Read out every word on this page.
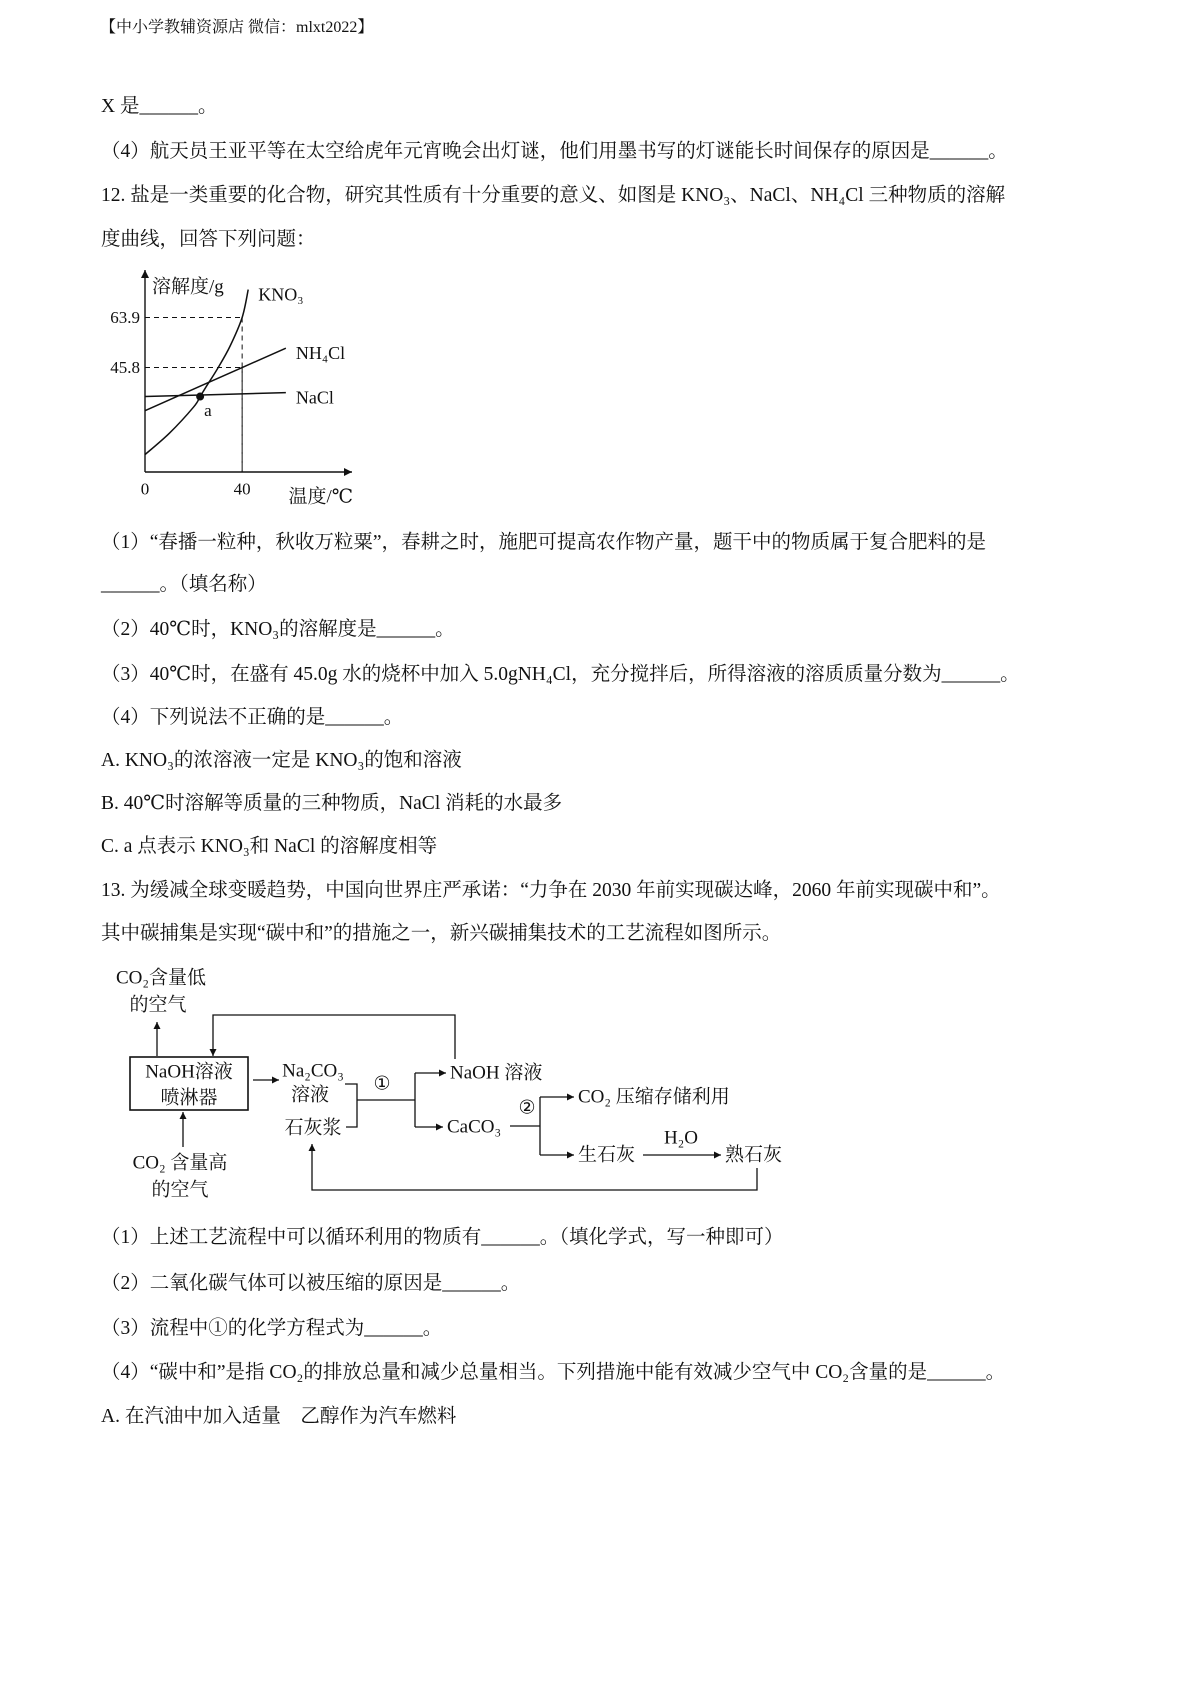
【中小学教辅资源店 微信：mlxt2022】
X 是______。
（4）航天员王亚平等在太空给虎年元宵晚会出灯谜，他们用墨书写的灯谜能长时间保存的原因是______。
12. 盐是一类重要的化合物，研究其性质有十分重要的意义、如图是 KNO₃、NaCl、NH₄Cl 三种物质的溶解
度曲线，回答下列问题：
63.9
45.8
0	40
溶解度/g
温度/℃
KNO₃
NH₄Cl
NaCl
a
（1）“春播一粒种，秋收万粒粟”，春耕之时，施肥可提高农作物产量，题干中的物质属于复合肥料的是
______。（填名称）
（2）40℃时，KNO₃的溶解度是______。
（3）40℃时，在盛有 45.0g 水的烧杯中加入 5.0gNH₄Cl，充分搅拌后，所得溶液的溶质质量分数为______。
（4）下列说法不正确的是______。
A. KNO₃的浓溶液一定是 KNO₃的饱和溶液
B. 40℃时溶解等质量的三种物质，NaCl 消耗的水最多
C. a 点表示 KNO₃和 NaCl 的溶解度相等
13. 为缓减全球变暖趋势，中国向世界庄严承诺：“力争在 2030 年前实现碳达峰，2060 年前实现碳中和”。
其中碳捕集是实现“碳中和”的措施之一，新兴碳捕集技术的工艺流程如图所示。
CO₂含量低
的空气
NaOH溶液
喷淋器
Na₂CO₃
溶液
石灰浆
①
NaOH 溶液
CaCO₃
②
CO₂ 压缩存储利用
生石灰
H₂O
熟石灰
CO₂ 含量高
的空气
（1）上述工艺流程中可以循环利用的物质有______。（填化学式，写一种即可）
（2）二氧化碳气体可以被压缩的原因是______。
（3）流程中①的化学方程式为______。
（4）“碳中和”是指 CO₂的排放总量和减少总量相当。下列措施中能有效减少空气中 CO₂含量的是______。
A. 在汽油中加入适量　乙醇作为汽车燃料
